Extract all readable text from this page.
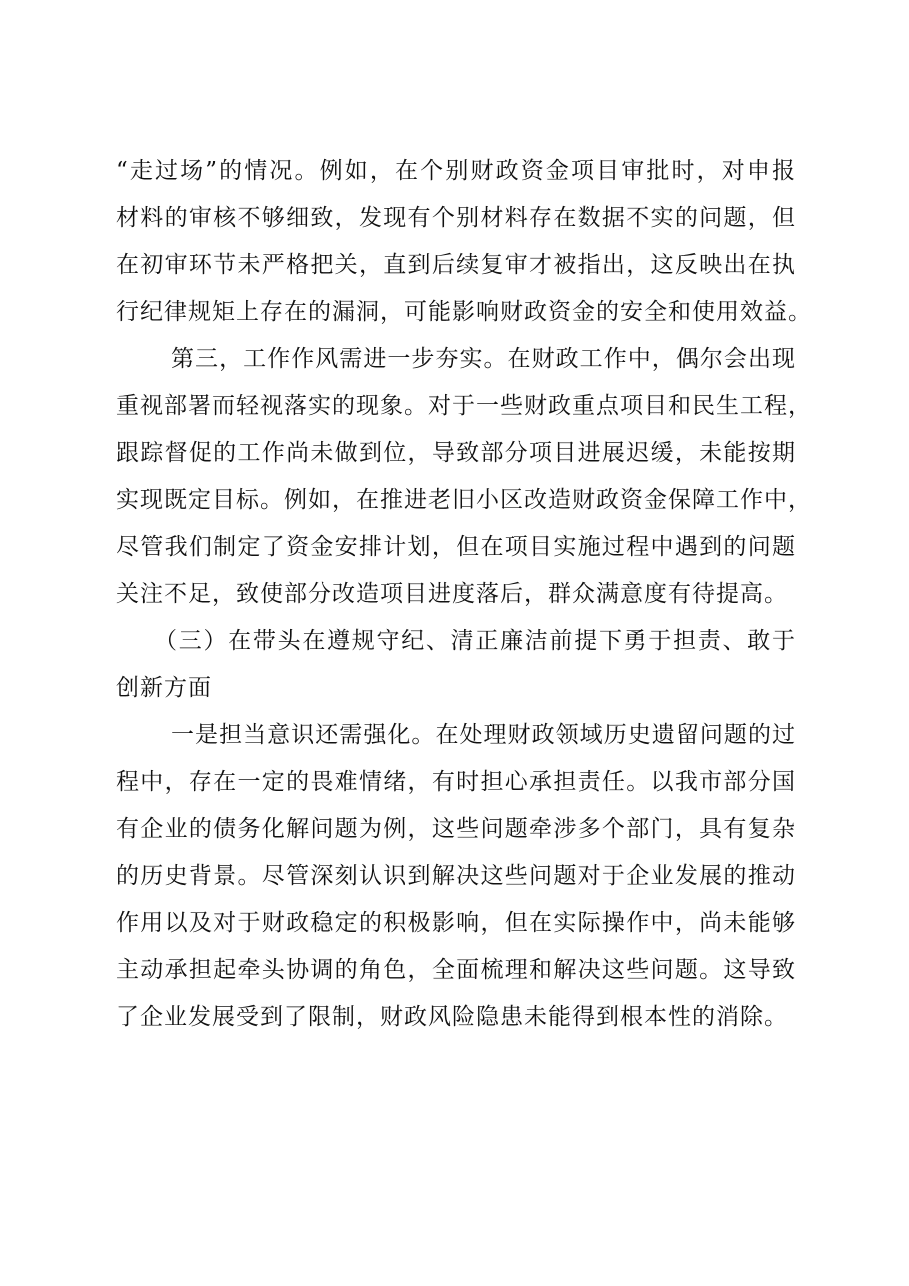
“走过场”的情况。例如，在个别财政资金项目审批时，对申报
材料的审核不够细致，发现有个别材料存在数据不实的问题，但
在初审环节未严格把关，直到后续复审才被指出，这反映出在执
行纪律规矩上存在的漏洞，可能影响财政资金的安全和使用效益。
第三，工作作风需进一步夯实。在财政工作中，偶尔会出现
重视部署而轻视落实的现象。对于一些财政重点项目和民生工程，
跟踪督促的工作尚未做到位，导致部分项目进展迟缓，未能按期
实现既定目标。例如，在推进老旧小区改造财政资金保障工作中，
尽管我们制定了资金安排计划，但在项目实施过程中遇到的问题
关注不足，致使部分改造项目进度落后，群众满意度有待提高。
（三）在带头在遵规守纪、清正廉洁前提下勇于担责、敢于
创新方面
一是担当意识还需强化。在处理财政领域历史遗留问题的过
程中，存在一定的畏难情绪，有时担心承担责任。以我市部分国
有企业的债务化解问题为例，这些问题牵涉多个部门，具有复杂
的历史背景。尽管深刻认识到解决这些问题对于企业发展的推动
作用以及对于财政稳定的积极影响，但在实际操作中，尚未能够
主动承担起牵头协调的角色，全面梳理和解决这些问题。这导致
了企业发展受到了限制，财政风险隐患未能得到根本性的消除。
